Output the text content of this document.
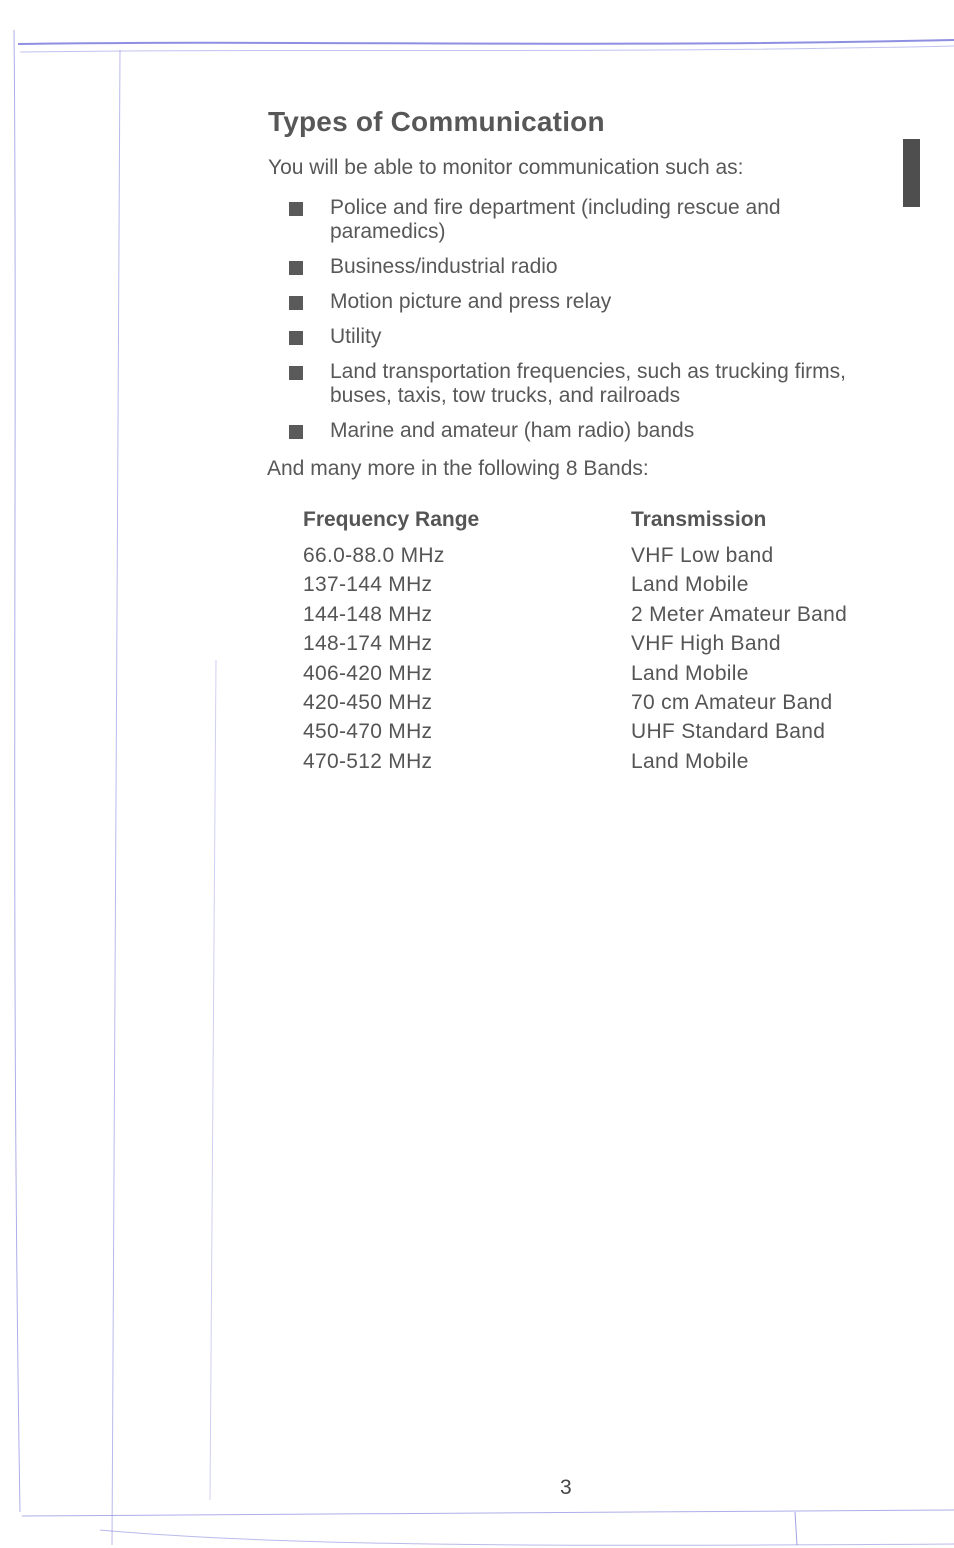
Types of Communication

You will be able to monitor communication such as:

Police and fire department (including rescue and paramedics)
Business/industrial radio
Motion picture and press relay
Utility
Land transportation frequencies, such as trucking firms, buses, taxis, tow trucks, and railroads
Marine and amateur (ham radio) bands

And many more in the following 8 Bands:

Frequency Range	Transmission
66.0-88.0 MHz	VHF Low band
137-144 MHz	Land Mobile
144-148 MHz	2 Meter Amateur Band
148-174 MHz	VHF High Band
406-420 MHz	Land Mobile
420-450 MHz	70 cm Amateur Band
450-470 MHz	UHF Standard Band
470-512 MHz	Land Mobile

3
